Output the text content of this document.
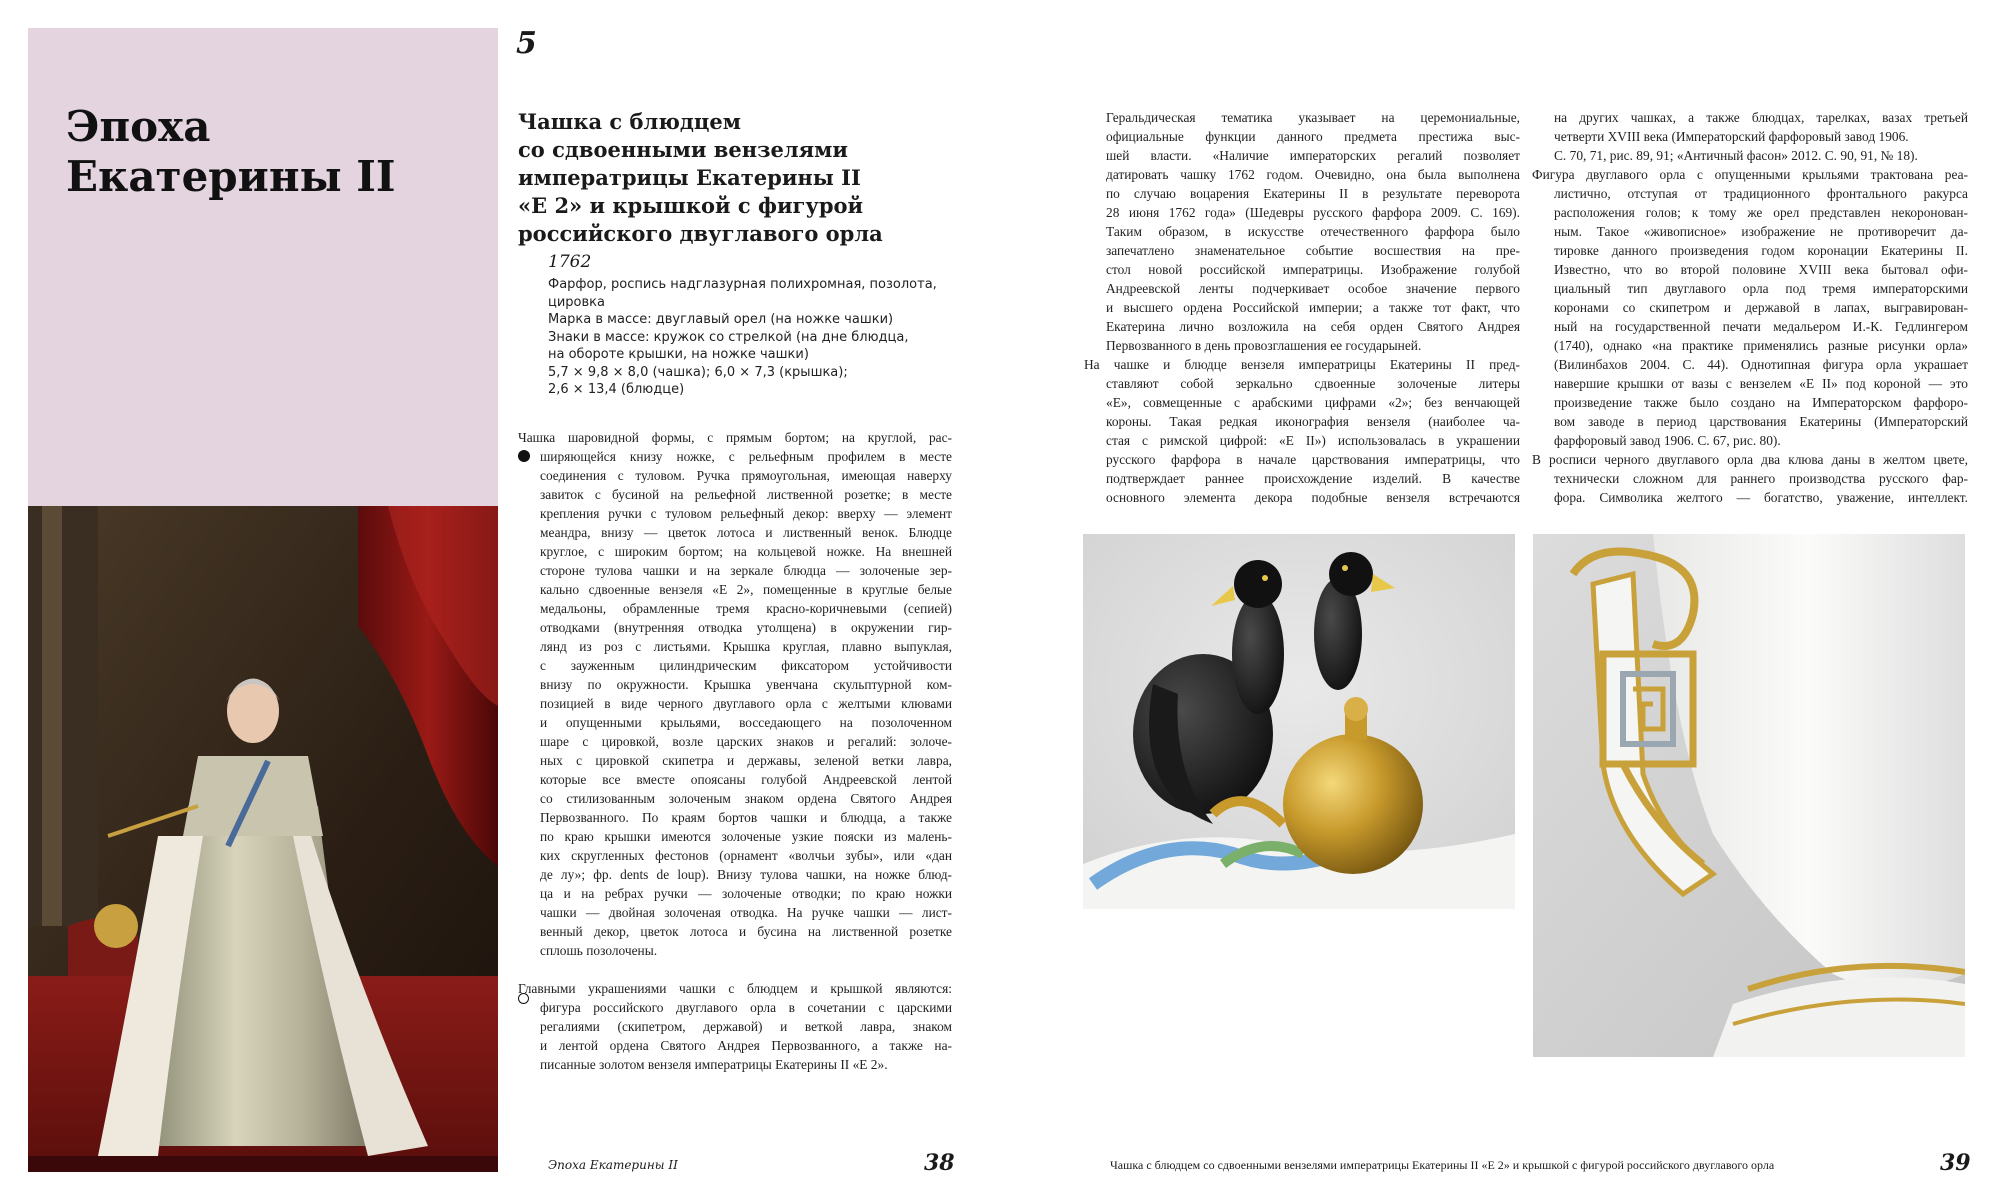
Эпоха
Екатерины II
5
Чашка с блюдцем
со сдвоенными вензелями
императрицы Екатерины II
«Е 2» и крышкой с фигурой
российского двуглавого орла
1762
Фарфор, роспись надглазурная полихромная, позолота,
цировка
Марка в массе: двуглавый орел (на ножке чашки)
Знаки в массе: кружок со стрелкой (на дне блюдца,
на обороте крышки, на ножке чашки)
5,7 × 9,8 × 8,0 (чашка); 6,0 × 7,3 (крышка);
2,6 × 13,4 (блюдце)
Чашка шаровидной формы, с прямым бортом; на круглой, рас-
ширяющейся книзу ножке, с рельефным профилем в месте
соединения с туловом. Ручка прямоугольная, имеющая наверху
завиток с бусиной на рельефной лиственной розетке; в месте
крепления ручки с туловом рельефный декор: вверху — элемент
меандра, внизу — цветок лотоса и лиственный венок. Блюдце
круглое, с широким бортом; на кольцевой ножке. На внешней
стороне тулова чашки и на зеркале блюдца — золоченые зер-
кально сдвоенные вензеля «Е 2», помещенные в круглые белые
медальоны, обрамленные тремя красно-коричневыми (сепией)
отводками (внутренняя отводка утолщена) в окружении гир-
лянд из роз с листьями. Крышка круглая, плавно выпуклая,
с зауженным цилиндрическим фиксатором устойчивости
внизу по окружности. Крышка увенчана скульптурной ком-
позицией в виде черного двуглавого орла с желтыми клювами
и опущенными крыльями, восседающего на позолоченном
шаре с цировкой, возле царских знаков и регалий: золоче-
ных с цировкой скипетра и державы, зеленой ветки лавра,
которые все вместе опоясаны голубой Андреевской лентой
со стилизованным золоченым знаком ордена Святого Андрея
Первозванного. По краям бортов чашки и блюдца, а также
по краю крышки имеются золоченые узкие пояски из малень-
ких скругленных фестонов (орнамент «волчьи зубы», или «дан
де лу»; фр. dents de loup). Внизу тулова чашки, на ножке блюд-
ца и на ребрах ручки — золоченые отводки; по краю ножки
чашки — двойная золоченая отводка. На ручке чашки — лист-
венный декор, цветок лотоса и бусина на лиственной розетке
сплошь позолочены.
Главными украшениями чашки с блюдцем и крышкой являются:
фигура российского двуглавого орла в сочетании с царскими
регалиями (скипетром, державой) и веткой лавра, знаком
и лентой ордена Святого Андрея Первозванного, а также на-
писанные золотом вензеля императрицы Екатерины II «Е 2».
Эпоха Екатерины II	38
Геральдическая тематика указывает на церемониальные,
официальные функции данного предмета престижа выс-
шей власти. «Наличие императорских регалий позволяет
датировать чашку 1762 годом. Очевидно, она была выполнена
по случаю воцарения Екатерины II в результате переворота
28 июня 1762 года» (Шедевры русского фарфора 2009. С. 169).
Таким образом, в искусстве отечественного фарфора было
запечатлено знаменательное событие восшествия на пре-
стол новой российской императрицы. Изображение голубой
Андреевской ленты подчеркивает особое значение первого
и высшего ордена Российской империи; а также тот факт, что
Екатерина лично возложила на себя орден Святого Андрея
Первозванного в день провозглашения ее государыней.
На чашке и блюдце вензеля императрицы Екатерины II пред-
ставляют собой зеркально сдвоенные золоченые литеры
«Е», совмещенные с арабскими цифрами «2»; без венчающей
короны. Такая редкая иконография вензеля (наиболее ча-
стая с римской цифрой: «Е II») использовалась в украшении
русского фарфора в начале царствования императрицы, что
подтверждает раннее происхождение изделий. В качестве
основного элемента декора подобные вензеля встречаются
на других чашках, а также блюдцах, тарелках, вазах третьей
четверти XVIII века (Императорский фарфоровый завод 1906.
С. 70, 71, рис. 89, 91; «Античный фасон» 2012. С. 90, 91, № 18).
Фигура двуглавого орла с опущенными крыльями трактована реа-
листично, отступая от традиционного фронтального ракурса
расположения голов; к тому же орел представлен некоронован-
ным. Такое «живописное» изображение не противоречит да-
тировке данного произведения годом коронации Екатерины II.
Известно, что во второй половине XVIII века бытовал офи-
циальный тип двуглавого орла под тремя императорскими
коронами со скипетром и державой в лапах, выгравирован-
ный на государственной печати медальером И.-К. Гедлингером
(1740), однако «на практике применялись разные рисунки орла»
(Вилинбахов 2004. С. 44). Однотипная фигура орла украшает
навершие крышки от вазы с вензелем «Е II» под короной — это
произведение также было создано на Императорском фарфоро-
вом заводе в период царствования Екатерины (Императорский
фарфоровый завод 1906. С. 67, рис. 80).
В росписи черного двуглавого орла два клюва даны в желтом цвете,
технически сложном для раннего производства русского фар-
фора. Символика желтого — богатство, уважение, интеллект.
Чашка с блюдцем со сдвоенными вензелями императрицы Екатерины II «Е 2» и крышкой с фигурой российского двуглавого орла	39
